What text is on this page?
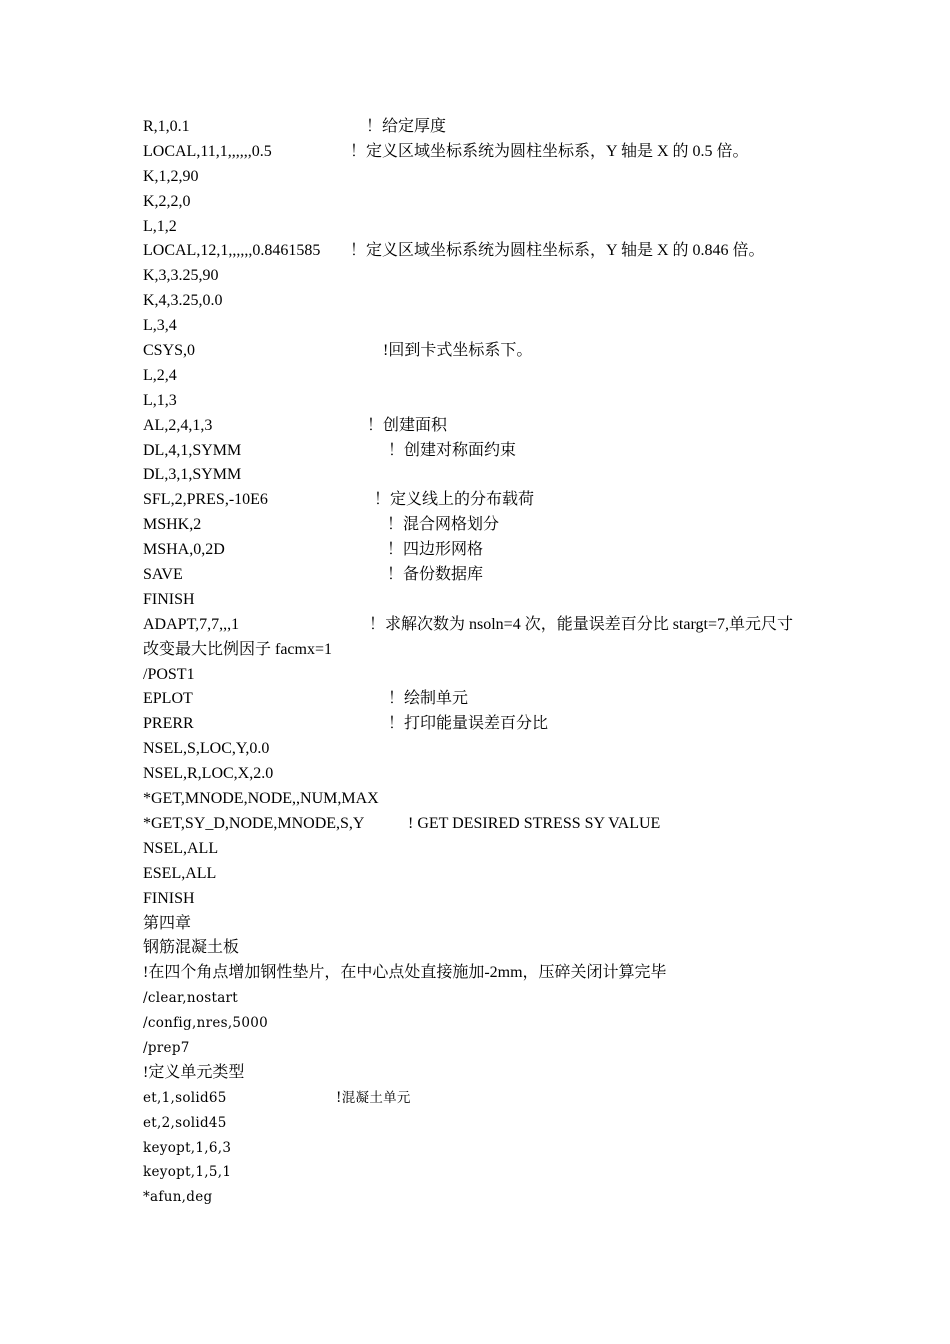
R,1,0.1	！给定厚度
LOCAL,11,1,,,,,,0.5	！定义区域坐标系统为圆柱坐标系，Y 轴是 X 的 0.5 倍。
K,1,2,90
K,2,2,0
L,1,2
LOCAL,12,1,,,,,,0.8461585 ！定义区域坐标系统为圆柱坐标系，Y 轴是 X 的 0.846 倍。
K,3,3.25,90
K,4,3.25,0.0
L,3,4
CSYS,0	!回到卡式坐标系下。
L,2,4
L,1,3
AL,2,4,1,3	！创建面积
DL,4,1,SYMM	！创建对称面约束
DL,3,1,SYMM
SFL,2,PRES,-10E6	！定义线上的分布载荷
MSHK,2	！混合网格划分
MSHA,0,2D	！四边形网格
SAVE	！备份数据库
FINISH
ADAPT,7,7,,,1	！求解次数为 nsoln=4 次，能量误差百分比 stargt=7,单元尺寸
改变最大比例因子 facmx=1
/POST1
EPLOT	！绘制单元
PRERR	！打印能量误差百分比
NSEL,S,LOC,Y,0.0
NSEL,R,LOC,X,2.0
*GET,MNODE,NODE,,NUM,MAX
*GET,SY_D,NODE,MNODE,S,Y	! GET DESIRED STRESS SY VALUE
NSEL,ALL
ESEL,ALL
FINISH
第四章
钢筋混凝土板
!在四个角点增加钢性垫片，在中心点处直接施加-2mm，压碎关闭计算完毕
/clear,nostart
/config,nres,5000
/prep7
!定义单元类型
et,1,solid65	!混凝土单元
et,2,solid45
keyopt,1,6,3
keyopt,1,5,1
*afun,deg
